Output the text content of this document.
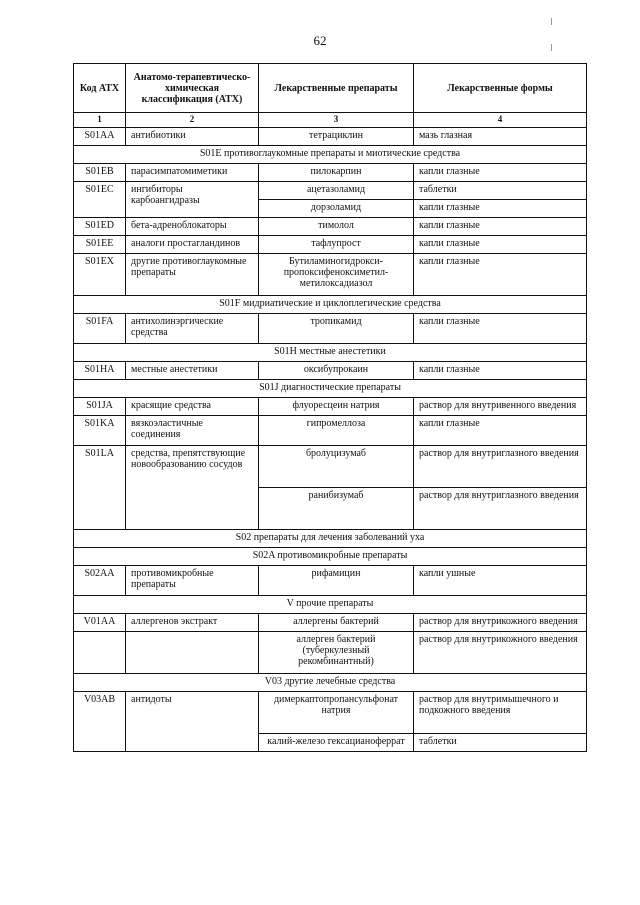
62
Код АТХ	Анатомо-терапевтическо-химическая классификация (АТХ)	Лекарственные препараты	Лекарственные формы
1	2	3	4
S01AA	антибиотики	тетрациклин	мазь глазная
S01E противоглаукомные препараты и миотические средства			
S01EB	парасимпатомиметики	пилокарпин	капли глазные
S01EC	ингибиторы карбоангидразы	ацетазоламид	таблетки
		дорзоламид	капли глазные
S01ED	бета-адреноблокаторы	тимолол	капли глазные
S01EE	аналоги простагландинов	тафлупрост	капли глазные
S01EX	другие противоглаукомные препараты	Бутиламиногидрокси-пропоксифеноксиметил-метилоксадиазол	капли глазные
S01F мидриатические и циклоплегические средства			
S01FA	антихолинэргические средства	тропикамид	капли глазные
S01H местные анестетики			
S01HA	местные анестетики	оксибупрокаин	капли глазные
S01J диагностические препараты			
S01JA	красящие средства	флуоресцеин натрия	раствор для внутривенного введения
S01KA	вязкоэластичные соединения	гипромеллоза	капли глазные
S01LA	средства, препятствующие новообразованию сосудов	бролуцизумаб	раствор для внутриглазного введения
		ранибизумаб	раствор для внутриглазного введения
S02 препараты для лечения заболеваний уха			
S02A противомикробные препараты			
S02AA	противомикробные препараты	рифамицин	капли ушные
V прочие препараты			
V01AA	аллергенов экстракт	аллергены бактерий	раствор для внутрикожного введения
		аллерген бактерий (туберкулезный рекомбинантный)	раствор для внутрикожного введения
V03 другие лечебные средства			
V03AB	антидоты	димеркаптопропансульфонат натрия	раствор для внутримышечного и подкожного введения
		калий-железо гексацианоферрат	таблетки
